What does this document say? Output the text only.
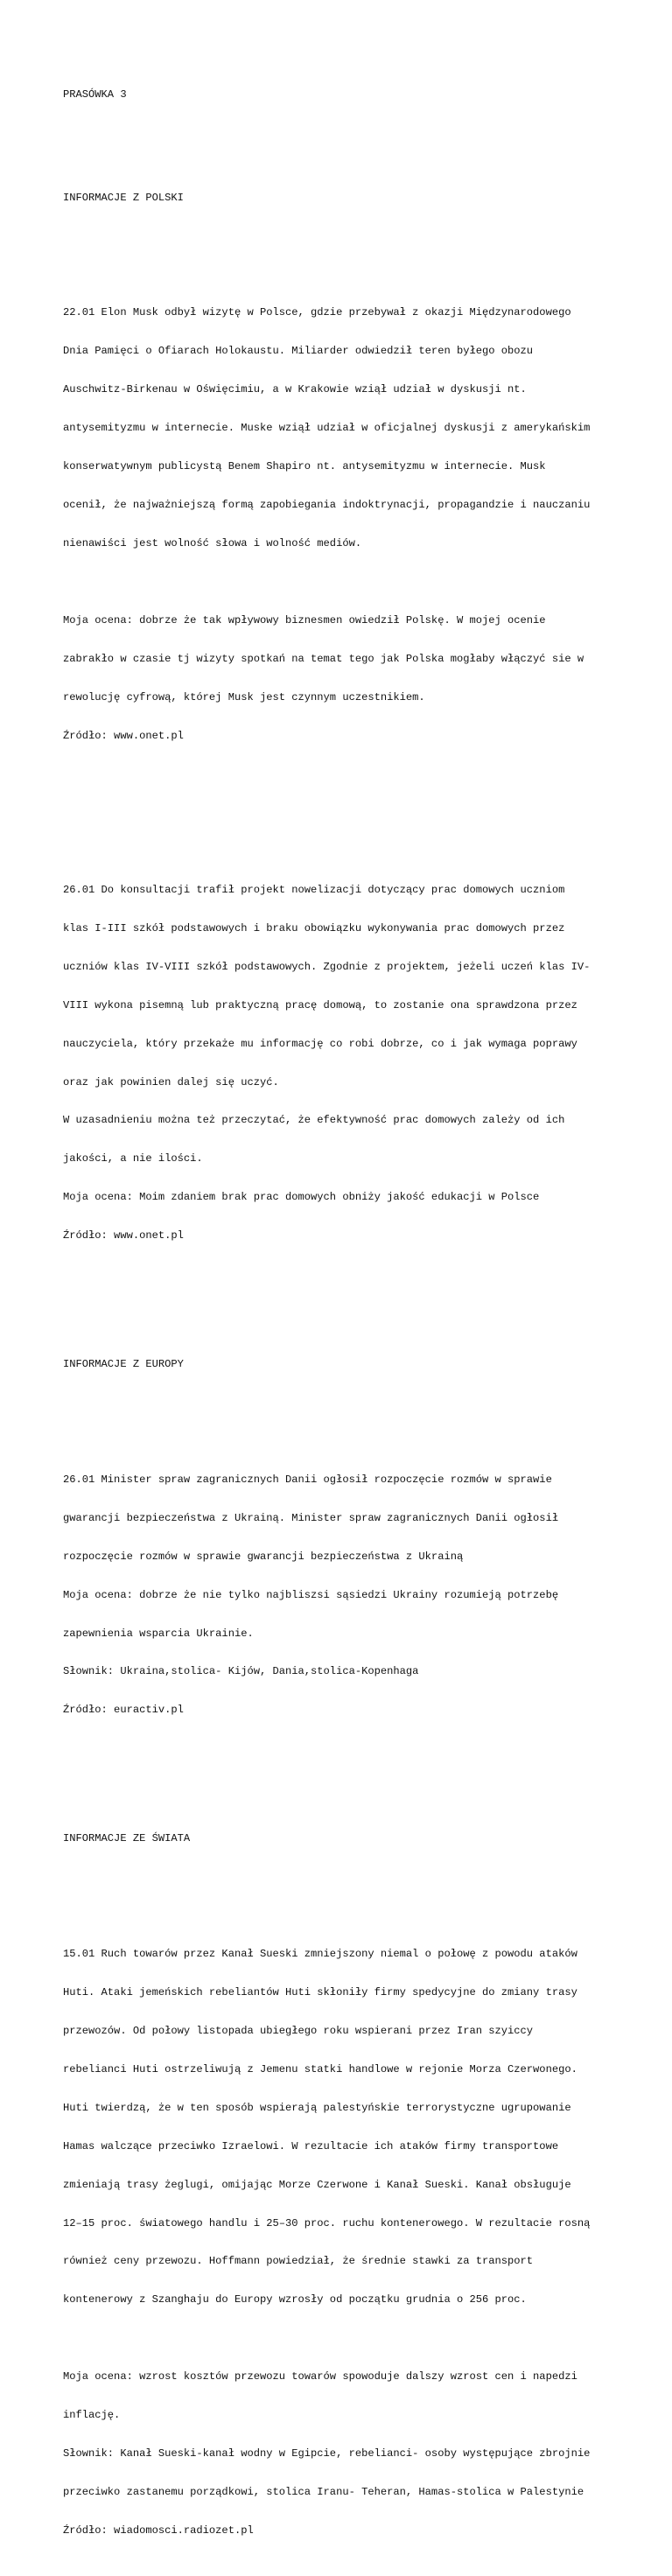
PRASÓWKA 3

INFORMACJE Z POLSKI

22.01 Elon Musk odbył wizytę w Polsce, gdzie przebywał z okazji Międzynarodowego

Dnia Pamięci o Ofiarach Holokaustu. Miliarder odwiedził teren byłego obozu

Auschwitz-Birkenau w Oświęcimiu, a w Krakowie wziął udział w dyskusji nt.

antysemityzmu w internecie. Muske wziął udział w oficjalnej dyskusji z amerykańskim

konserwatywnym publicystą Benem Shapiro nt. antysemityzmu w internecie. Musk

ocenił, że najważniejszą formą zapobiegania indoktrynacji, propagandzie i nauczaniu

nienawiści jest wolność słowa i wolność mediów.

Moja ocena: dobrze że tak wpływowy biznesmen owiedził Polskę. W mojej ocenie

zabrakło w czasie tj wizyty spotkań na temat tego jak Polska mogłaby włączyć sie w

rewolucję cyfrową, której Musk jest czynnym uczestnikiem.

Źródło: www.onet.pl

26.01 Do konsultacji trafił projekt nowelizacji dotyczący prac domowych uczniom

klas I-III szkół podstawowych i braku obowiązku wykonywania prac domowych przez

uczniów klas IV-VIII szkół podstawowych. Zgodnie z projektem, jeżeli uczeń klas IV-

VIII wykona pisemną lub praktyczną pracę domową, to zostanie ona sprawdzona przez

nauczyciela, który przekaże mu informację co robi dobrze, co i jak wymaga poprawy

oraz jak powinien dalej się uczyć.

W uzasadnieniu można też przeczytać, że efektywność prac domowych zależy od ich

jakości, a nie ilości.

Moja ocena: Moim zdaniem brak prac domowych obniży jakość edukacji w Polsce

Źródło: www.onet.pl

INFORMACJE Z EUROPY

26.01 Minister spraw zagranicznych Danii ogłosił rozpoczęcie rozmów w sprawie

gwarancji bezpieczeństwa z Ukrainą. Minister spraw zagranicznych Danii ogłosił

rozpoczęcie rozmów w sprawie gwarancji bezpieczeństwa z Ukrainą

Moja ocena: dobrze że nie tylko najbliszsi sąsiedzi Ukrainy rozumieją potrzebę

zapewnienia wsparcia Ukrainie.

Słownik: Ukraina,stolica- Kijów, Dania,stolica-Kopenhaga

Źródło: euractiv.pl

INFORMACJE ZE ŚWIATA

15.01 Ruch towarów przez Kanał Sueski zmniejszony niemal o połowę z powodu ataków

Huti. Ataki jemeńskich rebeliantów Huti skłoniły firmy spedycyjne do zmiany trasy

przewozów. Od połowy listopada ubiegłego roku wspierani przez Iran szyiccy

rebelianci Huti ostrzeliwują z Jemenu statki handlowe w rejonie Morza Czerwonego.

Huti twierdzą, że w ten sposób wspierają palestyńskie terrorystyczne ugrupowanie

Hamas walczące przeciwko Izraelowi. W rezultacie ich ataków firmy transportowe

zmieniają trasy żeglugi, omijając Morze Czerwone i Kanał Sueski. Kanał obsługuje

12–15 proc. światowego handlu i 25–30 proc. ruchu kontenerowego. W rezultacie rosną

również ceny przewozu. Hoffmann powiedział, że średnie stawki za transport

kontenerowy z Szanghaju do Europy wzrosły od początku grudnia o 256 proc.

Moja ocena: wzrost kosztów przewozu towarów spowoduje dalszy wzrost cen i napedzi

inflację.

Słownik: Kanał Sueski-kanał wodny w Egipcie, rebelianci- osoby występujące zbrojnie

przeciwko zastanemu porządkowi, stolica Iranu- Teheran, Hamas-stolica w Palestynie

Źródło: wiadomosci.radiozet.pl
